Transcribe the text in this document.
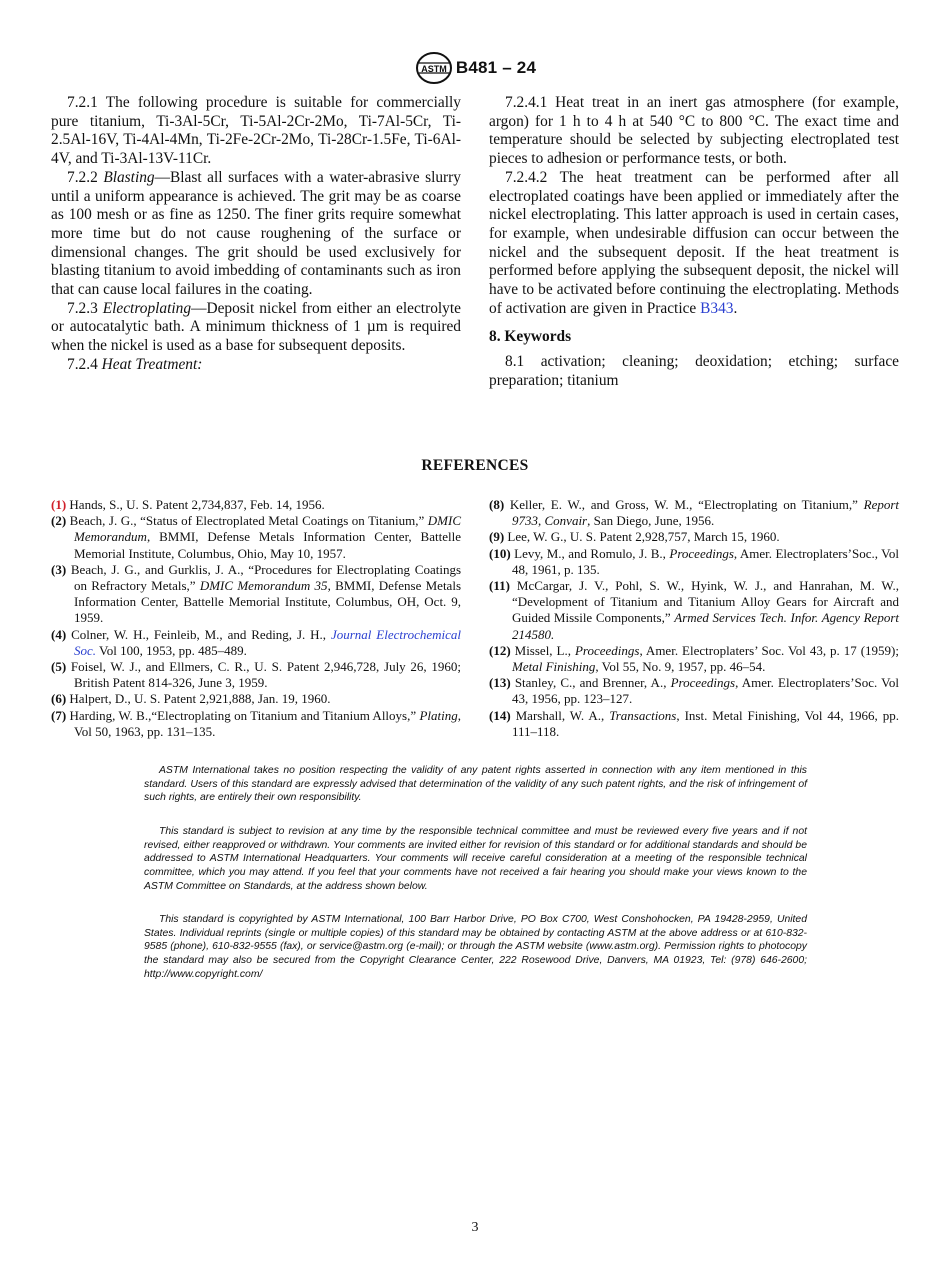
ASTM B481 – 24

7.2.1 The following procedure is suitable for commercially pure titanium, Ti-3Al-5Cr, Ti-5Al-2Cr-2Mo, Ti-7Al-5Cr, Ti-2.5Al-16V, Ti-4Al-4Mn, Ti-2Fe-2Cr-2Mo, Ti-28Cr-1.5Fe, Ti-6Al-4V, and Ti-3Al-13V-11Cr.

7.2.2 Blasting—Blast all surfaces with a water-abrasive slurry until a uniform appearance is achieved. The grit may be as coarse as 100 mesh or as fine as 1250. The finer grits require somewhat more time but do not cause roughening of the surface or dimensional changes. The grit should be used exclusively for blasting titanium to avoid imbedding of contaminants such as iron that can cause local failures in the coating.

7.2.3 Electroplating—Deposit nickel from either an electrolyte or autocatalytic bath. A minimum thickness of 1 µm is required when the nickel is used as a base for subsequent deposits.

7.2.4 Heat Treatment:

7.2.4.1 Heat treat in an inert gas atmosphere (for example, argon) for 1 h to 4 h at 540 °C to 800 °C. The exact time and temperature should be selected by subjecting electroplated test pieces to adhesion or performance tests, or both.

7.2.4.2 The heat treatment can be performed after all electroplated coatings have been applied or immediately after the nickel electroplating. This latter approach is used in certain cases, for example, when undesirable diffusion can occur between the nickel and the subsequent deposit. If the heat treatment is performed before applying the subsequent deposit, the nickel will have to be activated before continuing the electroplating. Methods of activation are given in Practice B343.

8. Keywords

8.1 activation; cleaning; deoxidation; etching; surface preparation; titanium

REFERENCES
(1) Hands, S., U. S. Patent 2,734,837, Feb. 14, 1956.
(2) Beach, J. G., “Status of Electroplated Metal Coatings on Titanium,” DMIC Memorandum, BMMI, Defense Metals Information Center, Battelle Memorial Institute, Columbus, Ohio, May 10, 1957.
(3) Beach, J. G., and Gurklis, J. A., “Procedures for Electroplating Coatings on Refractory Metals,” DMIC Memorandum 35, BMMI, Defense Metals Information Center, Battelle Memorial Institute, Columbus, OH, Oct. 9, 1959.
(4) Colner, W. H., Feinleib, M., and Reding, J. H., Journal Electrochemical Soc. Vol 100, 1953, pp. 485–489.
(5) Foisel, W. J., and Ellmers, C. R., U. S. Patent 2,946,728, July 26, 1960; British Patent 814-326, June 3, 1959.
(6) Halpert, D., U. S. Patent 2,921,888, Jan. 19, 1960.
(7) Harding, W. B.,“Electroplating on Titanium and Titanium Alloys,” Plating, Vol 50, 1963, pp. 131–135.
(8) Keller, E. W., and Gross, W. M., “Electroplating on Titanium,” Report 9733, Convair, San Diego, June, 1956.
(9) Lee, W. G., U. S. Patent 2,928,757, March 15, 1960.
(10) Levy, M., and Romulo, J. B., Proceedings, Amer. Electroplaters’Soc., Vol 48, 1961, p. 135.
(11) McCargar, J. V., Pohl, S. W., Hyink, W. J., and Hanrahan, M. W., “Development of Titanium and Titanium Alloy Gears for Aircraft and Guided Missile Components,” Armed Services Tech. Infor. Agency Report 214580.
(12) Missel, L., Proceedings, Amer. Electroplaters’ Soc. Vol 43, p. 17 (1959); Metal Finishing, Vol 55, No. 9, 1957, pp. 46–54.
(13) Stanley, C., and Brenner, A., Proceedings, Amer. Electroplaters’Soc. Vol 43, 1956, pp. 123–127.
(14) Marshall, W. A., Transactions, Inst. Metal Finishing, Vol 44, 1966, pp. 111–118.

ASTM International takes no position respecting the validity of any patent rights asserted in connection with any item mentioned in this standard. Users of this standard are expressly advised that determination of the validity of any such patent rights, and the risk of infringement of such rights, are entirely their own responsibility.

This standard is subject to revision at any time by the responsible technical committee and must be reviewed every five years and if not revised, either reapproved or withdrawn. Your comments are invited either for revision of this standard or for additional standards and should be addressed to ASTM International Headquarters. Your comments will receive careful consideration at a meeting of the responsible technical committee, which you may attend. If you feel that your comments have not received a fair hearing you should make your views known to the ASTM Committee on Standards, at the address shown below.

This standard is copyrighted by ASTM International, 100 Barr Harbor Drive, PO Box C700, West Conshohocken, PA 19428-2959, United States. Individual reprints (single or multiple copies) of this standard may be obtained by contacting ASTM at the above address or at 610-832-9585 (phone), 610-832-9555 (fax), or service@astm.org (e-mail); or through the ASTM website (www.astm.org). Permission rights to photocopy the standard may also be secured from the Copyright Clearance Center, 222 Rosewood Drive, Danvers, MA 01923, Tel: (978) 646-2600; http://www.copyright.com/

3
